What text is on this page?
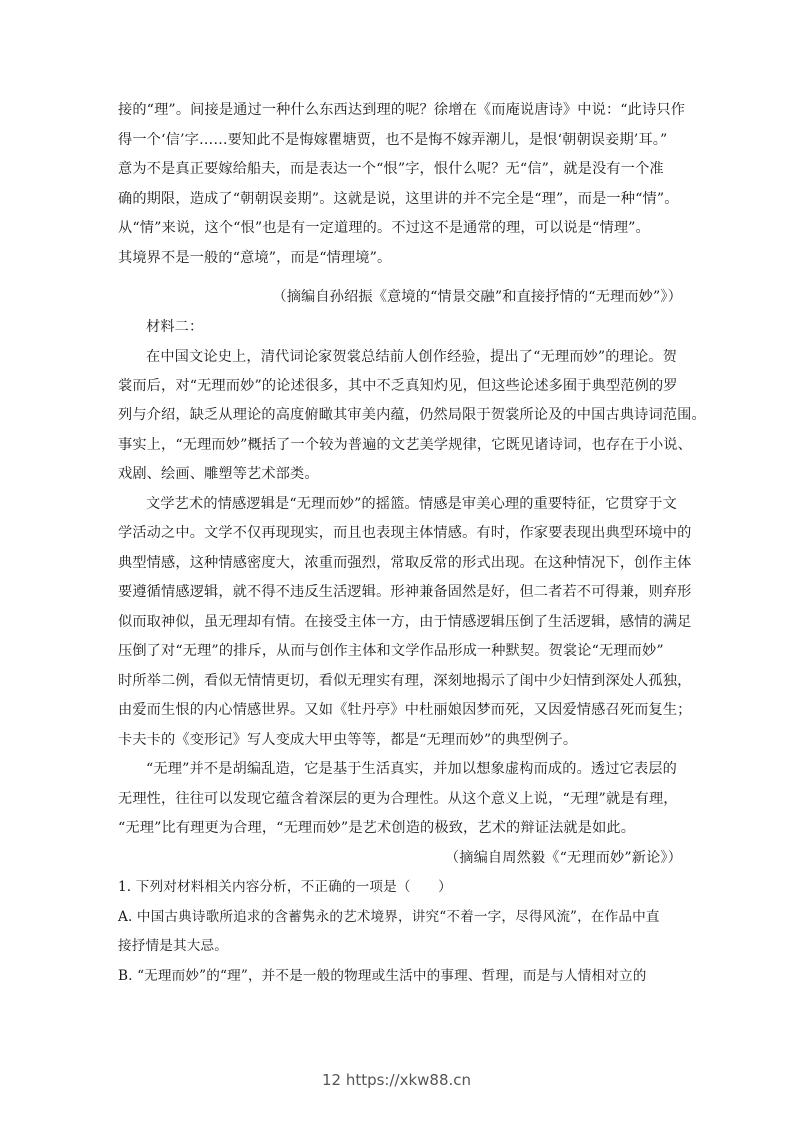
接的“理”。间接是通过一种什么东西达到理的呢？徐增在《而庵说唐诗》中说：“此诗只作
得一个‘信’字……要知此不是悔嫁瞿塘贾，也不是悔不嫁弄潮儿，是恨‘朝朝误妾期’耳。”
意为不是真正要嫁给船夫，而是表达一个“恨”字，恨什么呢？无“信”，就是没有一个准
确的期限，造成了“朝朝误妾期”。这就是说，这里讲的并不完全是“理”，而是一种“情”。
从“情”来说，这个“恨”也是有一定道理的。不过这不是通常的理，可以说是“情理”。
其境界不是一般的“意境”，而是“情理境”。
（摘编自孙绍振《意境的“情景交融”和直接抒情的“无理而妙”》）
材料二：
在中国文论史上，清代词论家贺裳总结前人创作经验，提出了“无理而妙”的理论。贺
裳而后，对“无理而妙”的论述很多，其中不乏真知灼见，但这些论述多囿于典型范例的罗
列与介绍，缺乏从理论的高度俯瞰其审美内蕴，仍然局限于贺裳所论及的中国古典诗词范围。
事实上，“无理而妙”概括了一个较为普遍的文艺美学规律，它既见诸诗词，也存在于小说、
戏剧、绘画、雕塑等艺术部类。
文学艺术的情感逻辑是“无理而妙”的摇篮。情感是审美心理的重要特征，它贯穿于文
学活动之中。文学不仅再现现实，而且也表现主体情感。有时，作家要表现出典型环境中的
典型情感，这种情感密度大，浓重而强烈，常取反常的形式出现。在这种情况下，创作主体
要遵循情感逻辑，就不得不违反生活逻辑。形神兼备固然是好，但二者若不可得兼，则弃形
似而取神似，虽无理却有情。在接受主体一方，由于情感逻辑压倒了生活逻辑，感情的满足
压倒了对“无理”的排斥，从而与创作主体和文学作品形成一种默契。贺裳论“无理而妙”
时所举二例，看似无情情更切，看似无理实有理，深刻地揭示了闺中少妇情到深处人孤独，
由爱而生恨的内心情感世界。又如《牡丹亭》中杜丽娘因梦而死，又因爱情感召死而复生；
卡夫卡的《变形记》写人变成大甲虫等等，都是“无理而妙”的典型例子。
“无理”并不是胡编乱造，它是基于生活真实，并加以想象虚构而成的。透过它表层的
无理性，往往可以发现它蕴含着深层的更为合理性。从这个意义上说，“无理”就是有理，
“无理”比有理更为合理，“无理而妙”是艺术创造的极致，艺术的辩证法就是如此。
（摘编自周然毅《“无理而妙”新论》）
1. 下列对材料相关内容分析，不正确的一项是（　　）
A. 中国古典诗歌所追求的含蓄隽永的艺术境界，讲究“不着一字，尽得风流”，在作品中直
接抒情是其大忌。
B. “无理而妙”的“理”，并不是一般的物理或生活中的事理、哲理，而是与人情相对立的
12 https://xkw88.cn
